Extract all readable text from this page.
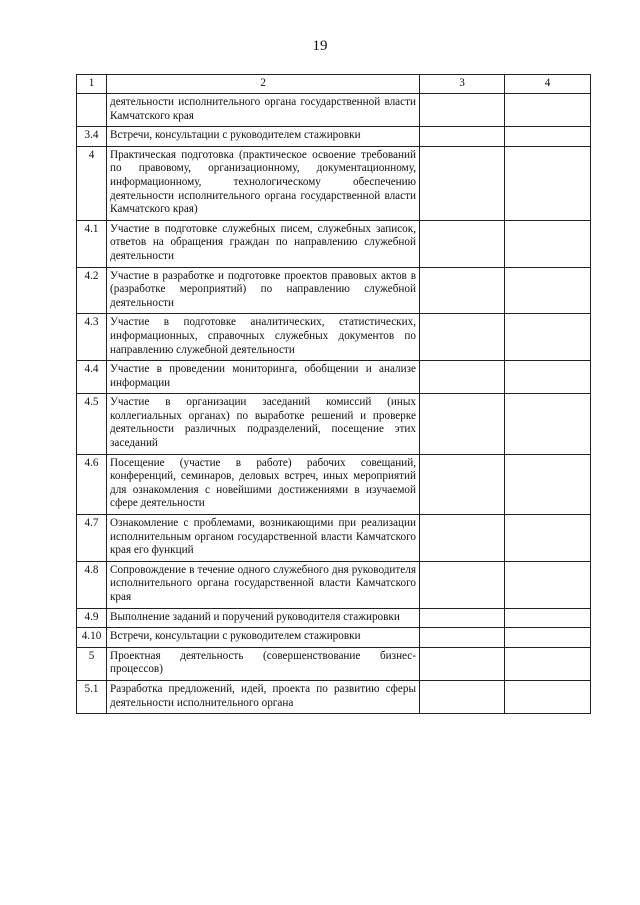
19
1	2	3	4
	деятельности исполнительного органа государственной власти Камчатского края		
3.4	Встречи, консультации с руководителем стажировки		
4	Практическая подготовка (практическое освоение требований по правовому, организационному, документационному, информационному, технологическому обеспечению деятельности исполнительного органа государственной власти Камчатского края)		
4.1	Участие в подготовке служебных писем, служебных записок, ответов на обращения граждан по направлению служебной деятельности		
4.2	Участие в разработке и подготовке проектов правовых актов в (разработке мероприятий) по направлению служебной деятельности		
4.3	Участие в подготовке аналитических, статистических, информационных, справочных служебных документов по направлению служебной деятельности		
4.4	Участие в проведении мониторинга, обобщении и анализе информации		
4.5	Участие в организации заседаний комиссий (иных коллегиальных органах) по выработке решений и проверке деятельности различных подразделений, посещение этих заседаний		
4.6	Посещение (участие в работе) рабочих совещаний, конференций, семинаров, деловых встреч, иных мероприятий для ознакомления с новейшими достижениями в изучаемой сфере деятельности		
4.7	Ознакомление с проблемами, возникающими при реализации исполнительным органом государственной власти Камчатского края его функций		
4.8	Сопровождение в течение одного служебного дня руководителя исполнительного органа государственной власти Камчатского края		
4.9	Выполнение заданий и поручений руководителя стажировки		
4.10	Встречи, консультации с руководителем стажировки		
5	Проектная деятельность (совершенствование бизнес-процессов)		
5.1	Разработка предложений, идей, проекта по развитию сферы деятельности исполнительного органа		
